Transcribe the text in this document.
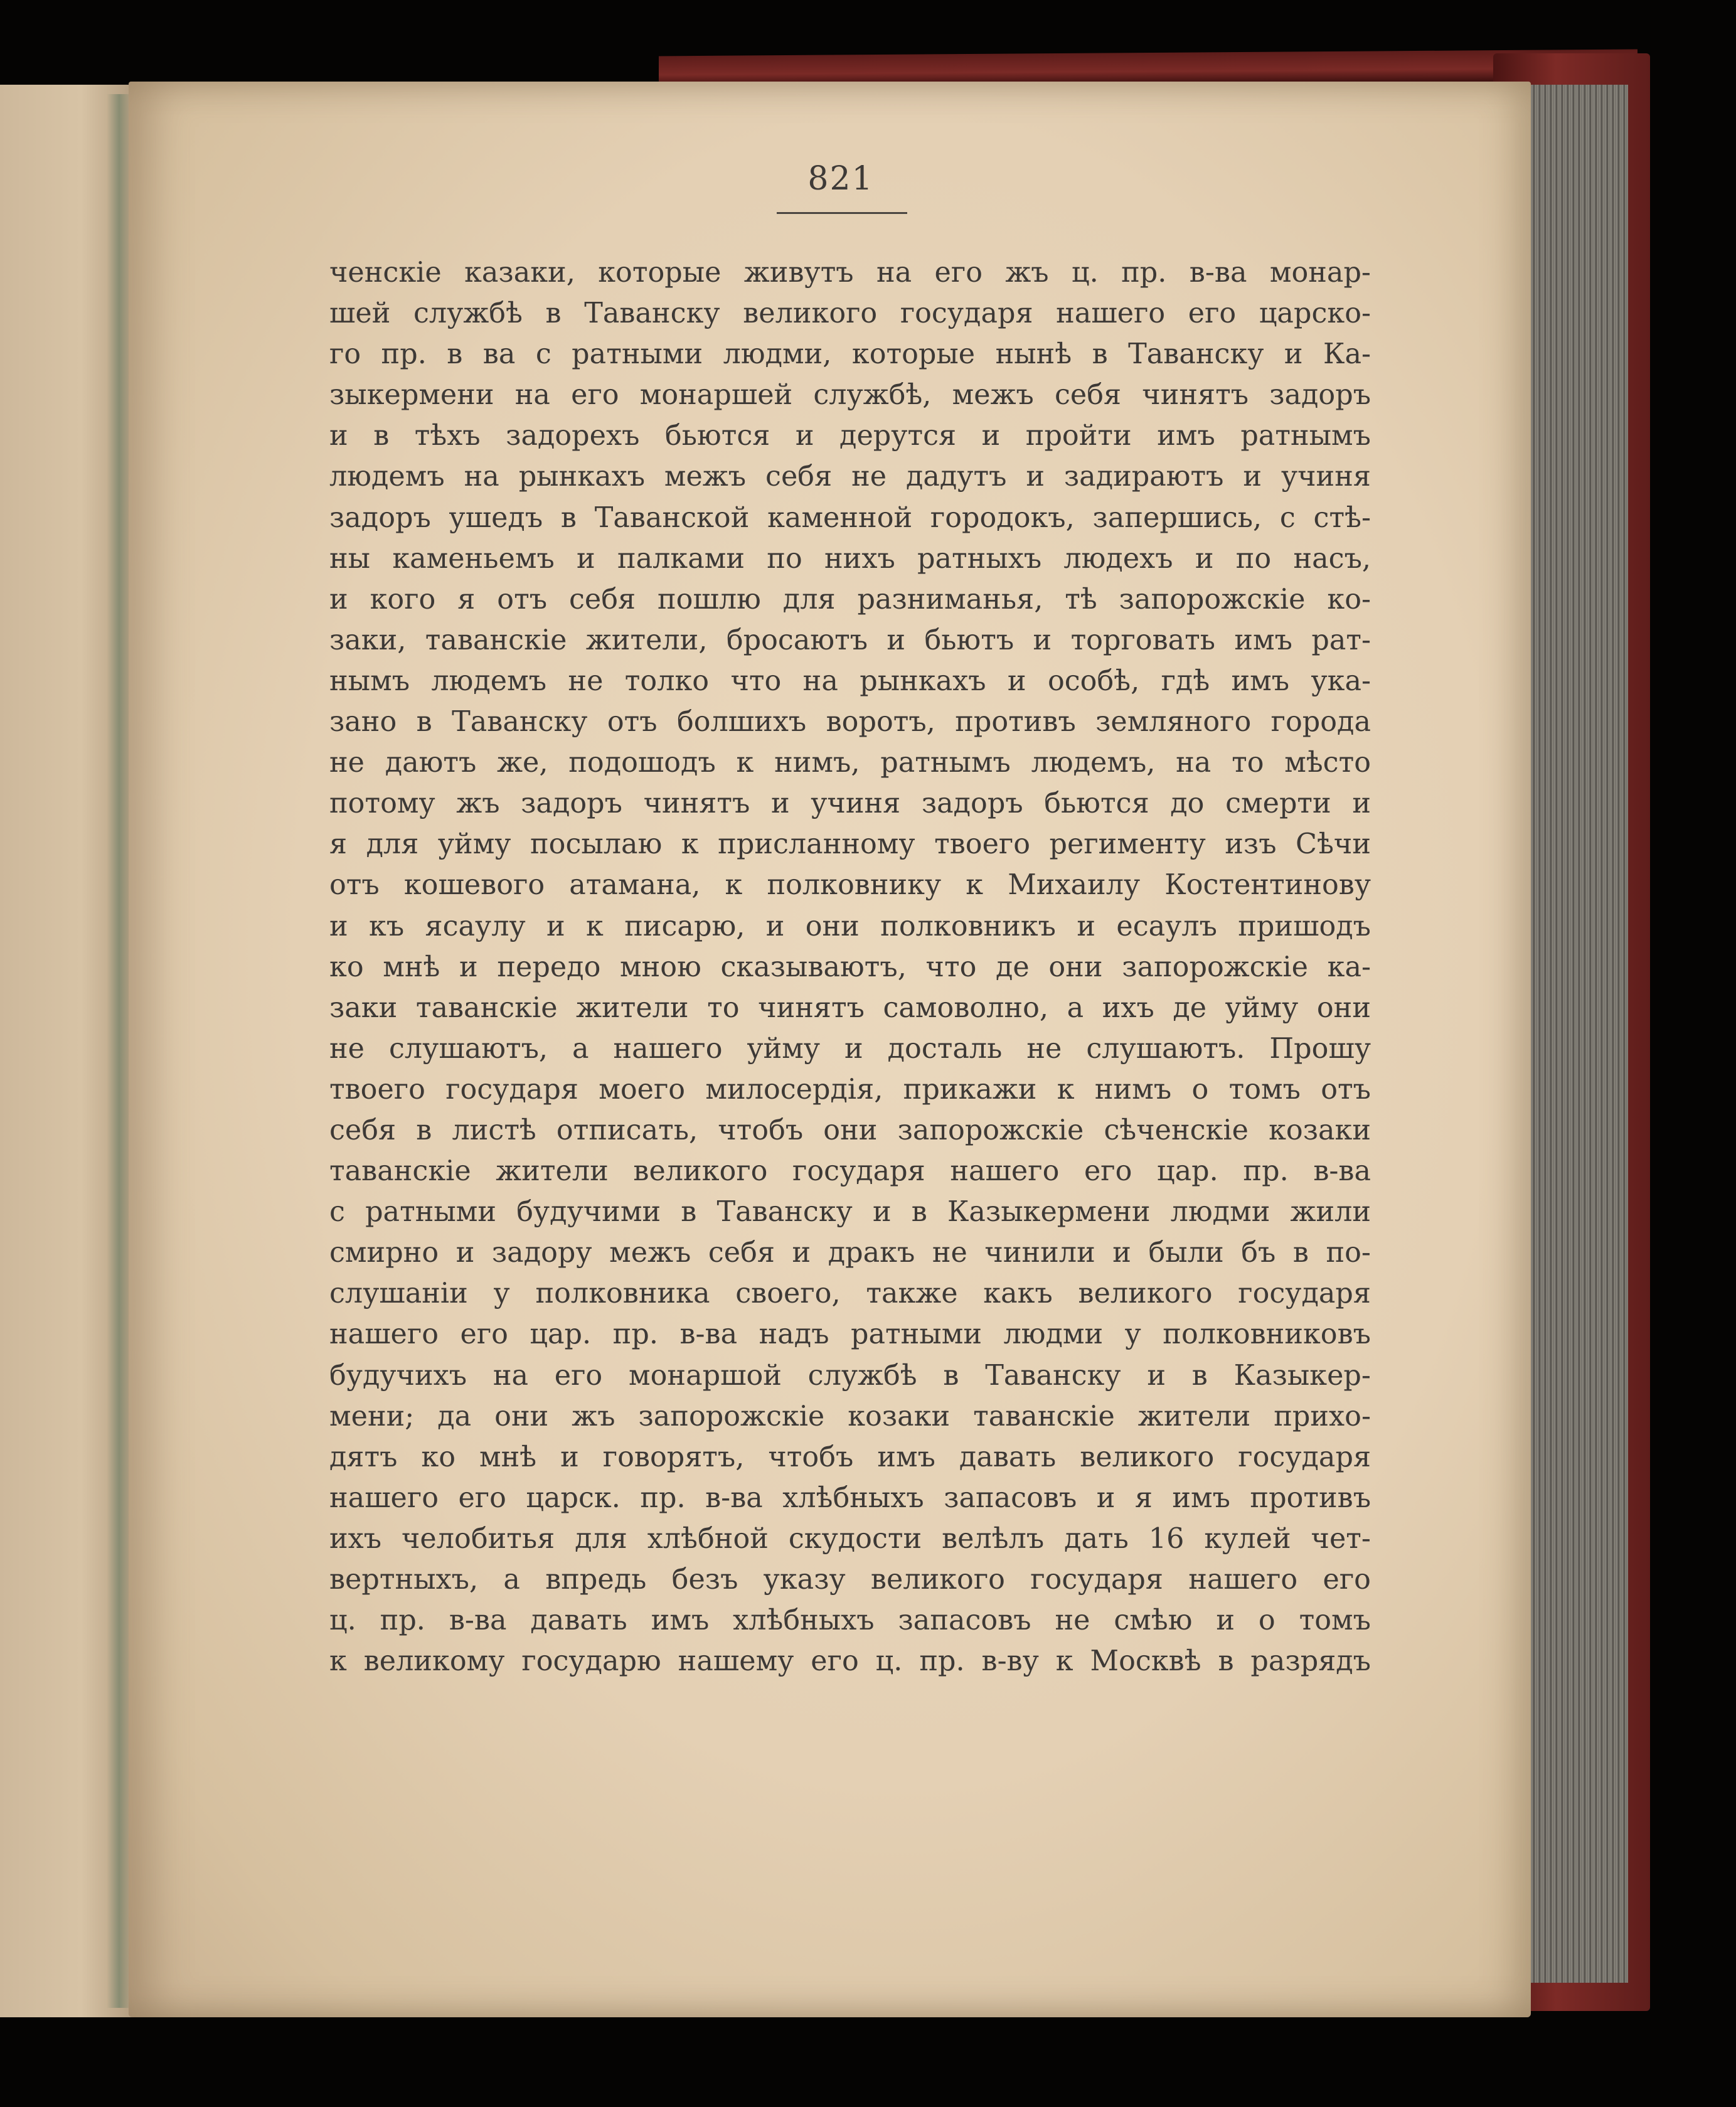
821
ченскіе казаки, которые живутъ на его жъ ц. пр. в-ва монар-
шей службѣ в Тавансκу великого государя нашего его царско-
го пр. в ва с ратными людми, которые нынѣ в Таванску и Ка-
зыкермени на его монаршей службѣ, межъ себя чинятъ задоръ
и в тѣхъ задорехъ бьются и дерутся и пройти имъ ратнымъ
людемъ на рынкахъ межъ себя не дадутъ и задираютъ и учиня
задоръ ушедъ в Таванской каменной городокъ, запершись, с стѣ-
ны каменьемъ и палками по нихъ ратныхъ людехъ и по насъ,
и кого я отъ себя пошлю для разниманья, тѣ запорожскіе ко-
заки, таванскіе жители, бросаютъ и бьютъ и торговать имъ рат-
нымъ людемъ не толко что на рынкахъ и особѣ, гдѣ имъ ука-
зано в Таванску отъ болшихъ воротъ, противъ земляного города
не даютъ же, подошодъ к нимъ, ратнымъ людемъ, на то мѣсто
потому жъ задоръ чинятъ и учиня задоръ бьются до смерти и
я для уйму посылаю к присланному твоего регименту изъ Сѣчи
отъ кошевого атамана, к полковнику к Михаилу Костентинову
и къ ясаулу и к писарю, и они полковникъ и есаулъ пришодъ
ко мнѣ и передо мною сказываютъ, что де они запорожскіе ка-
заки таванскіе жители то чинятъ самоволно, а ихъ де уйму они
не слушаютъ, а нашего уйму и досталь не слушаютъ. Прошу
твоего государя моего милосердія, прикажи к нимъ о томъ отъ
себя в листѣ отписать, чтобъ они запорожскіе сѣченскіе козаки
таванскіе жители великого государя нашего его цар. пр. в-ва
с ратными будучими в Таванску и в Казыкермени людми жили
смирно и задору межъ себя и дракъ не чинили и были бъ в по-
слушаніи у полковника своего, также какъ великого государя
нашего его цар. пр. в-ва надъ ратными людми у полковниковъ
будучихъ на его монаршой службѣ в Таванску и в Казыкер-
мени; да они жъ запорожскіе козаки таванскіе жители прихо-
дятъ ко мнѣ и говорятъ, чтобъ имъ давать великого государя
нашего его царск. пр. в-ва хлѣбныхъ запасовъ и я имъ противъ
ихъ челобитья для хлѣбной скудости велѣлъ дать 16 кулей чет-
вертныхъ, а впредь безъ указу великого государя нашего его
ц. пр. в-ва давать имъ хлѣбныхъ запасовъ не смѣю и о томъ
к великому государю нашему его ц. пр. в-ву к Москвѣ в разрядъ
